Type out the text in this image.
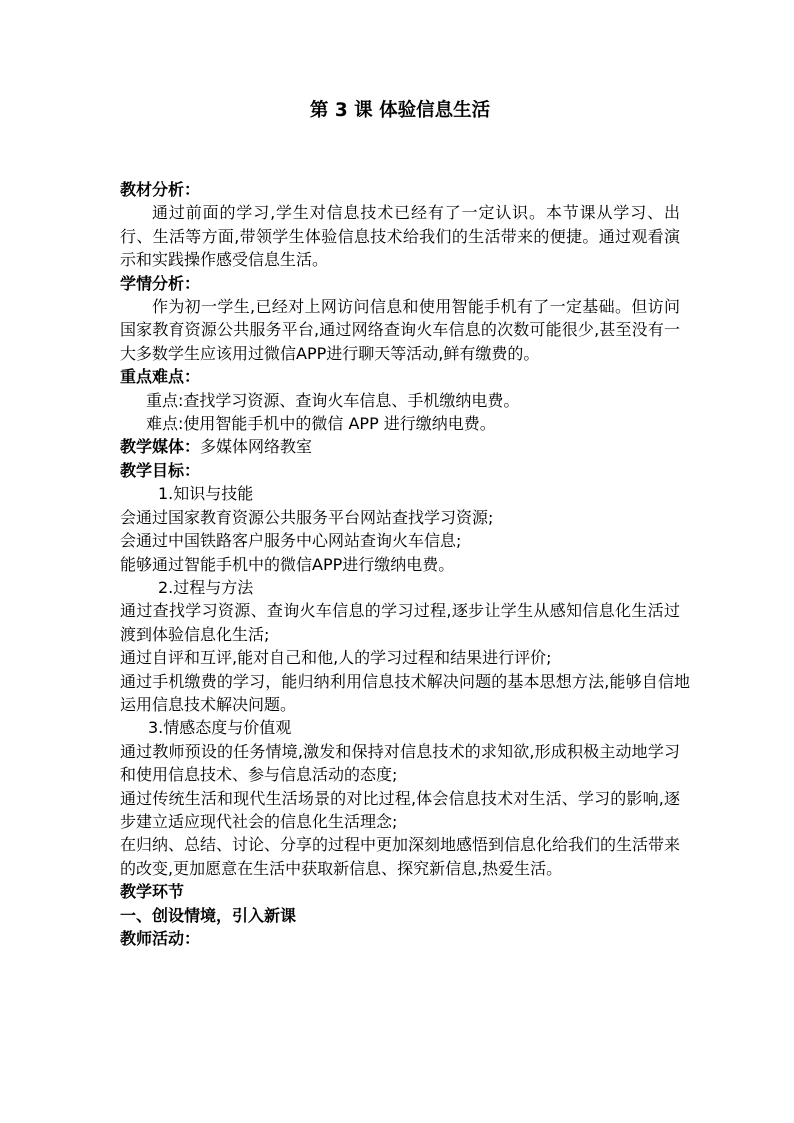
第 3 课 体验信息生活

教材分析：

通过前面的学习,学生对信息技术已经有了一定认识。本节课从学习、出行、生活等方面,带领学生体验信息技术给我们的生活带来的便捷。通过观看演示和实践操作感受信息生活。

学情分析：

作为初一学生,已经对上网访问信息和使用智能手机有了一定基础。但访问国家教育资源公共服务平台,通过网络查询火车信息的次数可能很少,甚至没有一大多数学生应该用过微信APP进行聊天等活动,鲜有缴费的。

重点难点：

重点:查找学习资源、查询火车信息、手机缴纳电费。

难点:使用智能手机中的微信 APP 进行缴纳电费。

教学媒体：多媒体网络教室

教学目标：

1.知识与技能

会通过国家教育资源公共服务平台网站查找学习资源;

会通过中国铁路客户服务中心网站查询火车信息;

能够通过智能手机中的微信APP进行缴纳电费。

2.过程与方法

通过查找学习资源、查询火车信息的学习过程,逐步让学生从感知信息化生活过渡到体验信息化生活;

通过自评和互评,能对自己和他,人的学习过程和结果进行评价;

通过手机缴费的学习，能归纳利用信息技术解决问题的基本思想方法,能够自信地运用信息技术解决问题。

3.情感态度与价值观

通过教师预设的任务情境,激发和保持对信息技术的求知欲,形成积极主动地学习和使用信息技术、参与信息活动的态度;

通过传统生活和现代生活场景的对比过程,体会信息技术对生活、学习的影响,逐步建立适应现代社会的信息化生活理念;

在归纳、总结、讨论、分享的过程中更加深刻地感悟到信息化给我们的生活带来的改变,更加愿意在生活中获取新信息、探究新信息,热爱生活。

教学环节

一、创设情境，引入新课

教师活动：
